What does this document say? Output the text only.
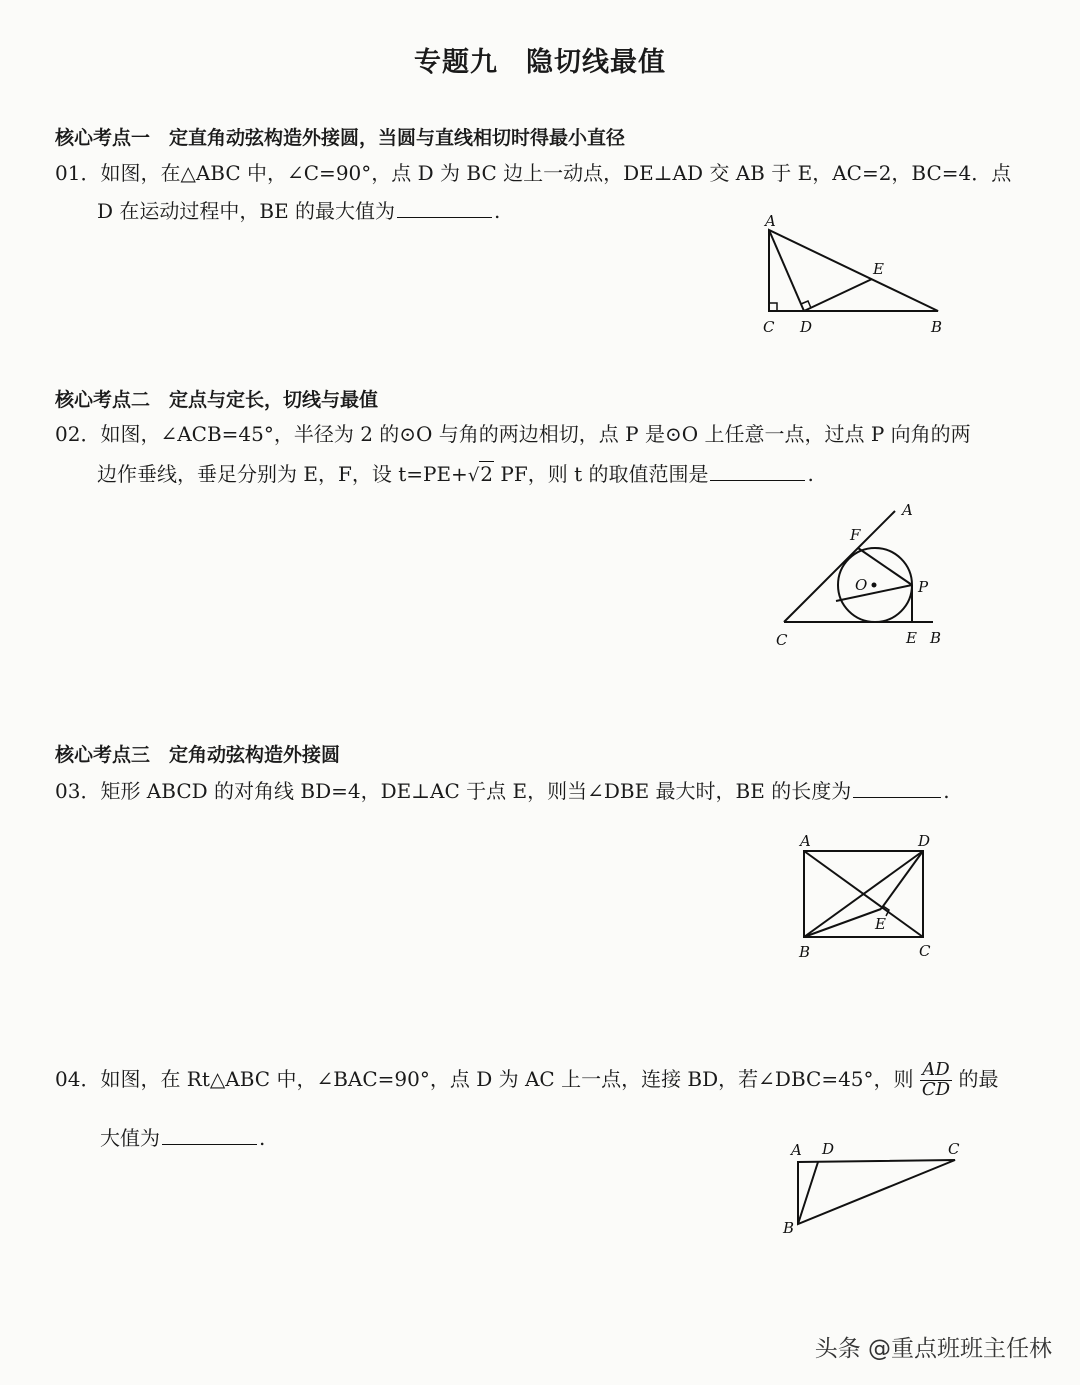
专题九　隐切线最值
核心考点一　定直角动弦构造外接圆，当圆与直线相切时得最小直径
01．如图，在△ABC 中，∠C=90°，点 D 为 BC 边上一动点，DE⊥AD 交 AB 于 E，AC=2，BC=4．点
D 在运动过程中，BE 的最大值为	.	A
E
C D	B
核心考点二　定点与定长，切线与最值
02．如图，∠ACB=45°，半径为 2 的⊙O 与角的两边相切，点 P 是⊙O 上任意一点，过点 P 向角的两
边作垂线，垂足分别为 E，F，设 t=PE+√2 PF，则 t 的取值范围是	.
A
F
O	P
C	E B
核心考点三　定角动弦构造外接圆
03．矩形 ABCD 的对角线 BD=4，DE⊥AC 于点 E，则当∠DBE 最大时，BE 的长度为	.
A	D
E
B	C
04．如图，在 Rt△ABC 中，∠BAC=90°，点 D 为 AC 上一点，连接 BD，若∠DBC=45°，则 $\frac{AD}{CD}$ 的最
大值为	.	A D	C
B
头条 @重点班班主任林
